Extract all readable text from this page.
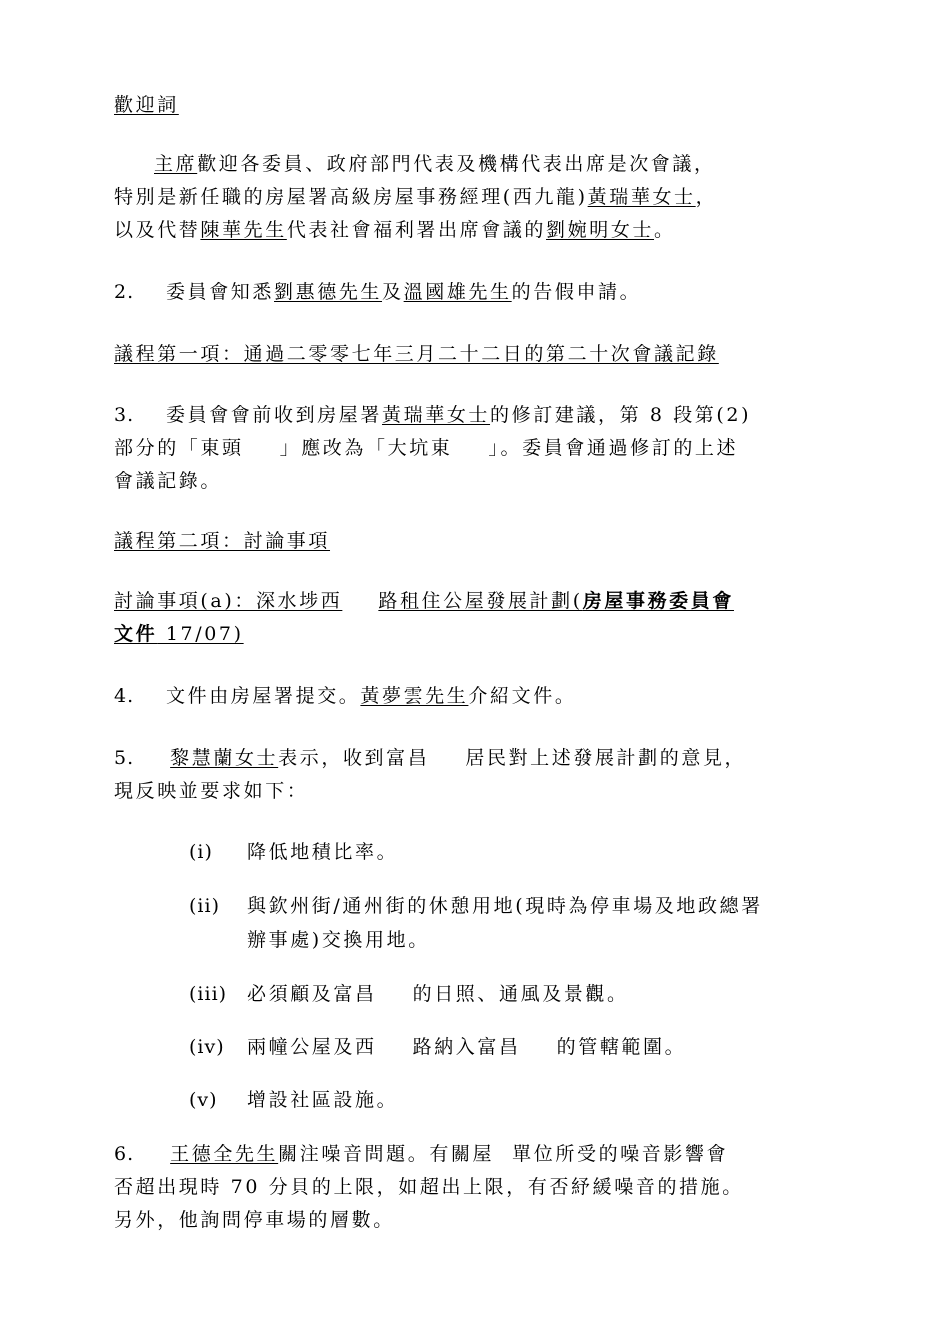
歡迎詞
主席歡迎各委員、政府部門代表及機構代表出席是次會議，
特別是新任職的房屋署高級房屋事務經理(西九龍)黃瑞華女士，
以及代替陳華先生代表社會福利署出席會議的劉婉明女士。
2. 委員會知悉劉惠德先生及溫國雄先生的告假申請。
議程第一項：通過二零零七年三月二十二日的第二十次會議記錄
3. 委員會會前收到房屋署黃瑞華女士的修訂建議，第 8 段第(2)
部分的「東頭 」應改為「大坑東 」。委員會通過修訂的上述
會議記錄。
議程第二項：討論事項
討論事項(a)：深水埗西 路租住公屋發展計劃(房屋事務委員會
文件 17/07)
4. 文件由房屋署提交。黃夢雲先生介紹文件。
5. 黎慧蘭女士表示，收到富昌 居民對上述發展計劃的意見，
現反映並要求如下：
(i) 降低地積比率。
(ii) 與欽州街/通州街的休憩用地(現時為停車場及地政總署
辦事處)交換用地。
(iii) 必須顧及富昌 的日照、通風及景觀。
(iv) 兩幢公屋及西 路納入富昌 的管轄範圍。
(v) 增設社區設施。
6. 王德全先生關注噪音問題。有關屋 單位所受的噪音影響會
否超出現時 70 分貝的上限，如超出上限，有否紓緩噪音的措施。
另外，他詢問停車場的層數。
